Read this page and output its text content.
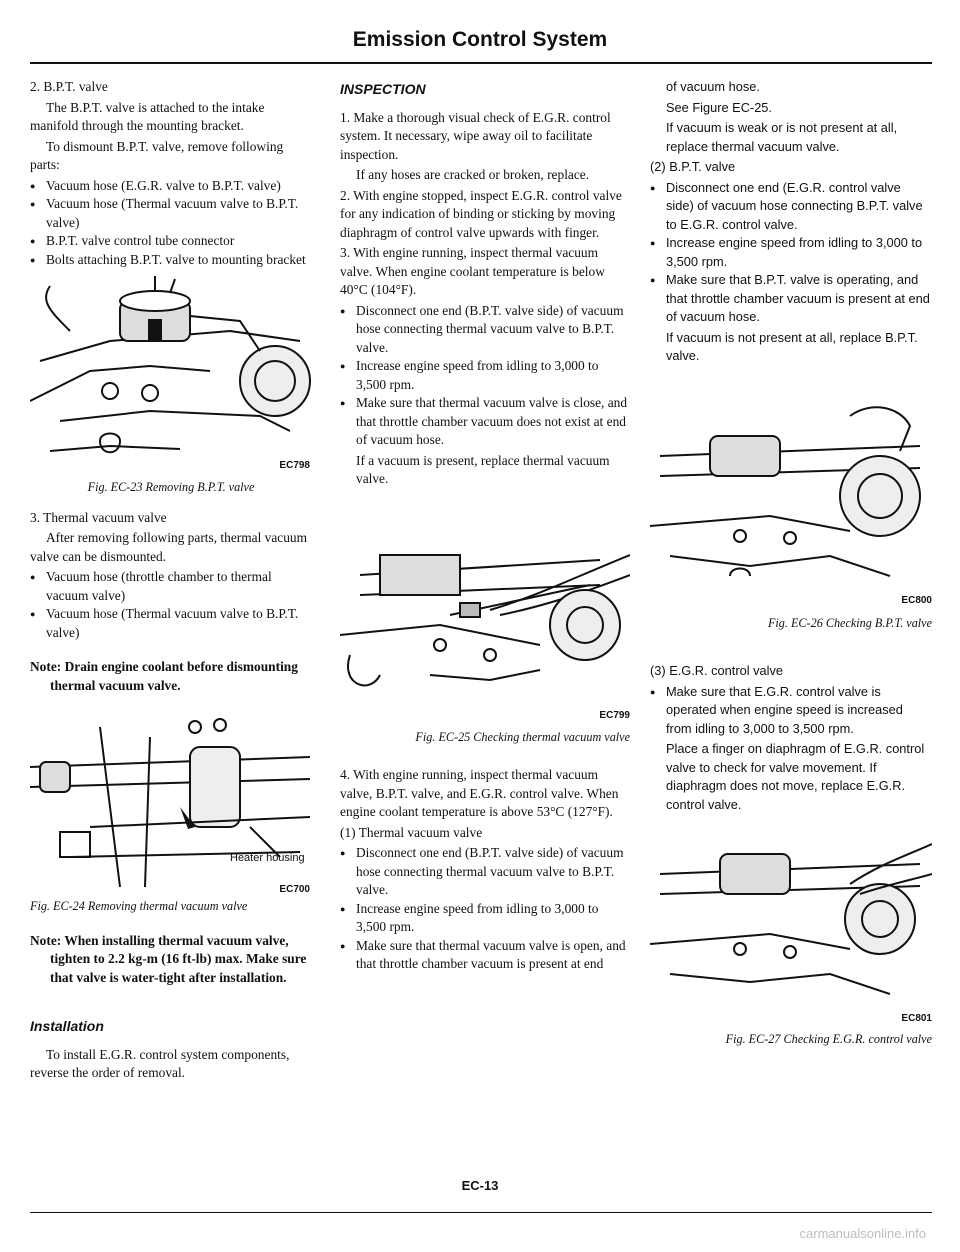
Emission Control System

2. B.P.T. valve

The B.P.T. valve is attached to the intake manifold through the mounting bracket.

To dismount B.P.T. valve, remove following parts:

● Vacuum hose (E.G.R. valve to B.P.T. valve)
● Vacuum hose (Thermal vacuum valve to B.P.T. valve)
● B.P.T. valve control tube connector
● Bolts attaching B.P.T. valve to mounting bracket
EC798

Fig. EC-23 Removing B.P.T. valve

3. Thermal vacuum valve

After removing following parts, thermal vacuum valve can be dismounted.

● Vacuum hose (throttle chamber to thermal vacuum valve)
● Vacuum hose (Thermal vacuum valve to B.P.T. valve)

Note: Drain engine coolant before dismounting thermal vacuum valve.

Heater housing
EC700

Fig. EC-24 Removing thermal vacuum valve

Note: When installing thermal vacuum valve, tighten to 2.2 kg-m (16 ft-lb) max. Make sure that valve is water-tight after installation.

Installation

To install E.G.R. control system components, reverse the order of removal.

INSPECTION

1. Make a thorough visual check of E.G.R. control system. It necessary, wipe away oil to facilitate inspection.

If any hoses are cracked or broken, replace.

2. With engine stopped, inspect E.G.R. control valve for any indication of binding or sticking by moving diaphragm of control valve upwards with finger.

3. With engine running, inspect thermal vacuum valve. When engine coolant temperature is below 40°C (104°F).

● Disconnect one end (B.P.T. valve side) of vacuum hose connecting thermal vacuum valve to B.P.T. valve.
● Increase engine speed from idling to 3,000 to 3,500 rpm.
● Make sure that thermal vacuum valve is close, and that throttle chamber vacuum does not exist at end of vacuum hose.

If a vacuum is present, replace thermal vacuum valve.

EC799

Fig. EC-25 Checking thermal vacuum valve

4. With engine running, inspect thermal vacuum valve, B.P.T. valve, and E.G.R. control valve. When engine coolant temperature is above 53°C (127°F).

(1) Thermal vacuum valve

● Disconnect one end (B.P.T. valve side) of vacuum hose connecting thermal vacuum valve to B.P.T. valve.
● Increase engine speed from idling to 3,000 to 3,500 rpm.
● Make sure that thermal vacuum valve is open, and that throttle chamber vacuum is present at end

of vacuum hose.

See Figure EC-25.

If vacuum is weak or is not present at all, replace thermal vacuum valve.

(2) B.P.T. valve

● Disconnect one end (E.G.R. control valve side) of vacuum hose connecting B.P.T. valve to E.G.R. control valve.
● Increase engine speed from idling to 3,000 to 3,500 rpm.
● Make sure that B.P.T. valve is operating, and that throttle chamber vacuum is present at end of vacuum hose.

If vacuum is not present at all, replace B.P.T. valve.

EC800

Fig. EC-26 Checking B.P.T. valve

(3) E.G.R. control valve

● Make sure that E.G.R. control valve is operated when engine speed is increased from idling to 3,000 to 3,500 rpm.

Place a finger on diaphragm of E.G.R. control valve to check for valve movement. If diaphragm does not move, replace E.G.R. control valve.

EC801

Fig. EC-27 Checking E.G.R. control valve

EC-13
carmanualsonline.info
